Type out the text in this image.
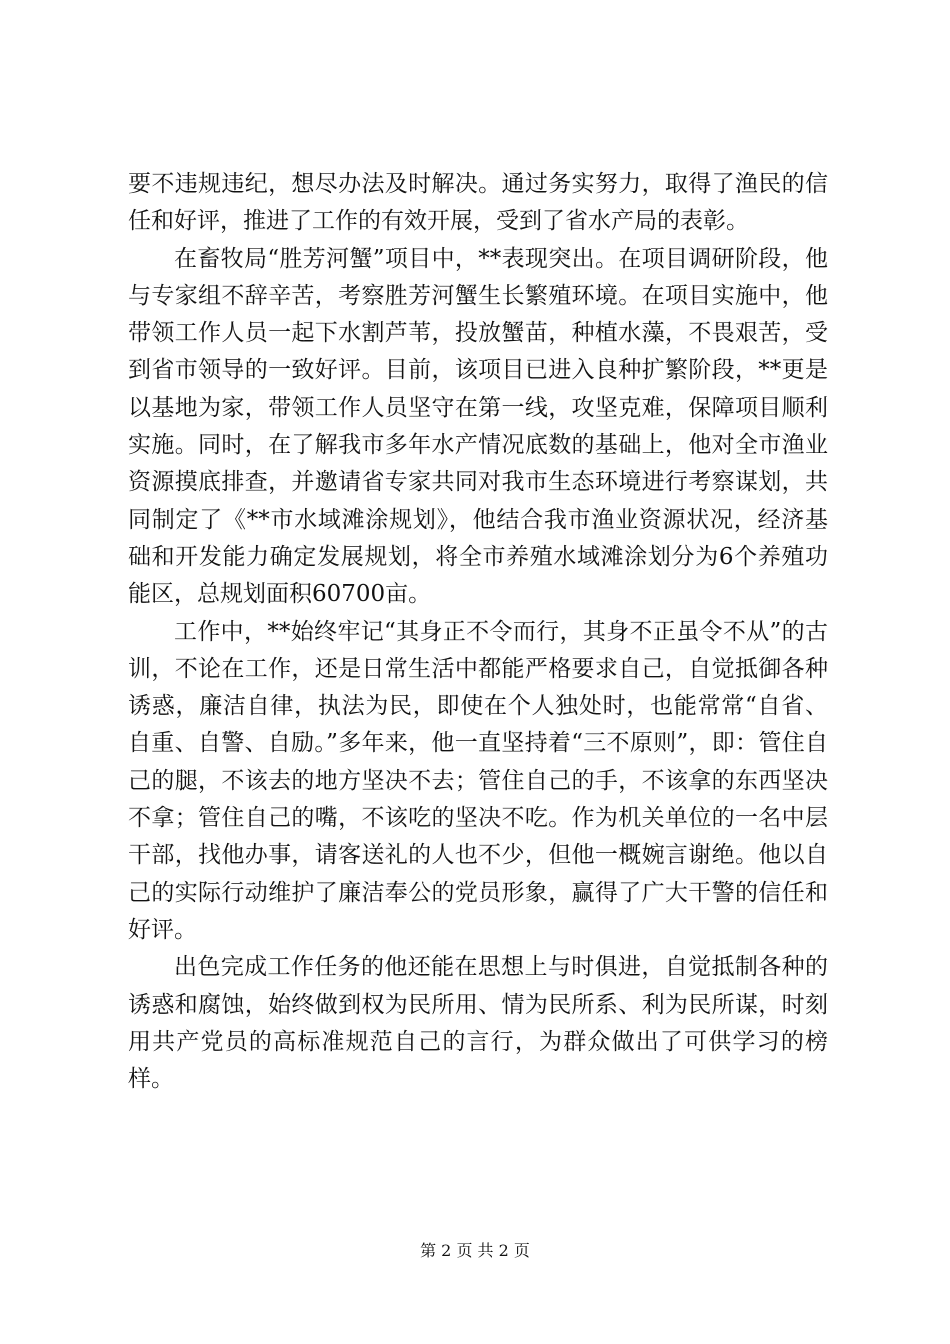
要不违规违纪，想尽办法及时解决。通过务实努力，取得了渔民的信任和好评，推进了工作的有效开展，受到了省水产局的表彰。

在畜牧局“胜芳河蟹”项目中，**表现突出。在项目调研阶段，他与专家组不辞辛苦，考察胜芳河蟹生长繁殖环境。在项目实施中，他带领工作人员一起下水割芦苇，投放蟹苗，种植水藻，不畏艰苦，受到省市领导的一致好评。目前，该项目已进入良种扩繁阶段，**更是以基地为家，带领工作人员坚守在第一线，攻坚克难，保障项目顺利实施。同时，在了解我市多年水产情况底数的基础上，他对全市渔业资源摸底排查，并邀请省专家共同对我市生态环境进行考察谋划，共同制定了《**市水域滩涂规划》，他结合我市渔业资源状况，经济基础和开发能力确定发展规划，将全市养殖水域滩涂划分为6个养殖功能区，总规划面积60700亩。

工作中，**始终牢记“其身正不令而行，其身不正虽令不从”的古训，不论在工作，还是日常生活中都能严格要求自己，自觉抵御各种诱惑，廉洁自律，执法为民，即使在个人独处时，也能常常“自省、自重、自警、自励。”多年来，他一直坚持着“三不原则”，即：管住自己的腿，不该去的地方坚决不去；管住自己的手，不该拿的东西坚决不拿；管住自己的嘴，不该吃的坚决不吃。作为机关单位的一名中层干部，找他办事，请客送礼的人也不少，但他一概婉言谢绝。他以自己的实际行动维护了廉洁奉公的党员形象，赢得了广大干警的信任和好评。

出色完成工作任务的他还能在思想上与时俱进，自觉抵制各种的诱惑和腐蚀，始终做到权为民所用、情为民所系、利为民所谋，时刻用共产党员的高标准规范自己的言行，为群众做出了可供学习的榜样。

第 2 页 共 2 页
